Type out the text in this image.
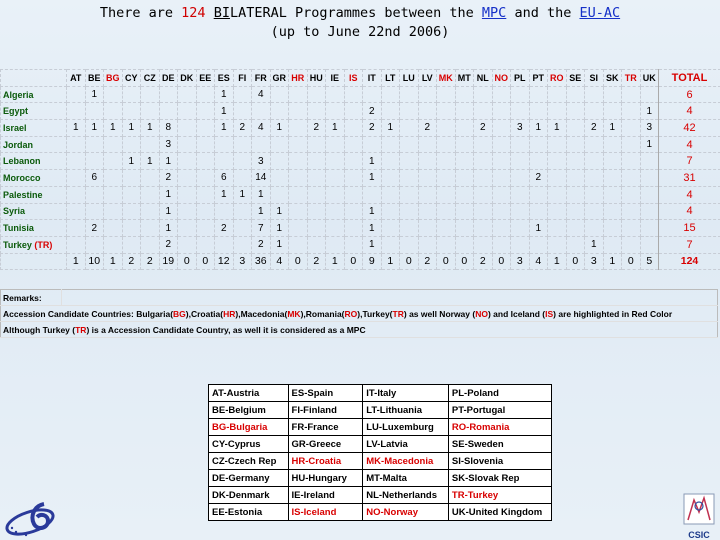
There are 124 BILATERAL Programmes between the MPC and the EU-AC
(up to June 22nd 2006)
	AT	BE	BG	CY	CZ	DE	DK	EE	ES	FI	FR	GR	HR	HU	IE	IS	IT	LT	LU	LV	MK	MT	NL	NO	PL	PT	RO	SE	SI	SK	TR	UK	TOTAL
Algeria		1							1		4																						6
Egypt									1								2															1	4
Israel	1	1	1	1	1	8			1	2	4	1		2	1		2	1		2			2		3	1	1		2	1		3	42
Jordan						3																										1	4
Lebanon				1	1	1					3						1																7
Morocco		6				2			6		14						1									2							31
Palestine						1			1	1	1																						4
Syria						1					1	1					1																4
Tunisia		2				1			2		7	1					1									1							15
Turkey (TR)						2					2	1					1												1				7
	1	10	1	2	2	19	0	0	12	3	36	4	0	2	1	0	9	1	0	2	0	0	2	0	3	4	1	0	3	1	0	5	124
Remarks:	
Accession Candidate Countries: Bulgaria(BG),Croatia(HR),Macedonia(MK),Romania(RO),Turkey(TR) as well Norway (NO) and Iceland (IS) are highlighted in Red Color
Although Turkey (TR) is a Accession Candidate Country, as well it is considered as a MPC
AT-Austria	ES-Spain	IT-Italy	PL-Poland
BE-Belgium	FI-Finland	LT-Lithuania	PT-Portugal
BG-Bulgaria	FR-France	LU-Luxemburg	RO-Romania
CY-Cyprus	GR-Greece	LV-Latvia	SE-Sweden
CZ-Czech Rep	HR-Croatia	MK-Macedonia	SI-Slovenia
DE-Germany	HU-Hungary	MT-Malta	SK-Slovak Rep
DK-Denmark	IE-Ireland	NL-Netherlands	TR-Turkey
EE-Estonia	IS-Iceland	NO-Norway	UK-United Kingdom
CSIC
